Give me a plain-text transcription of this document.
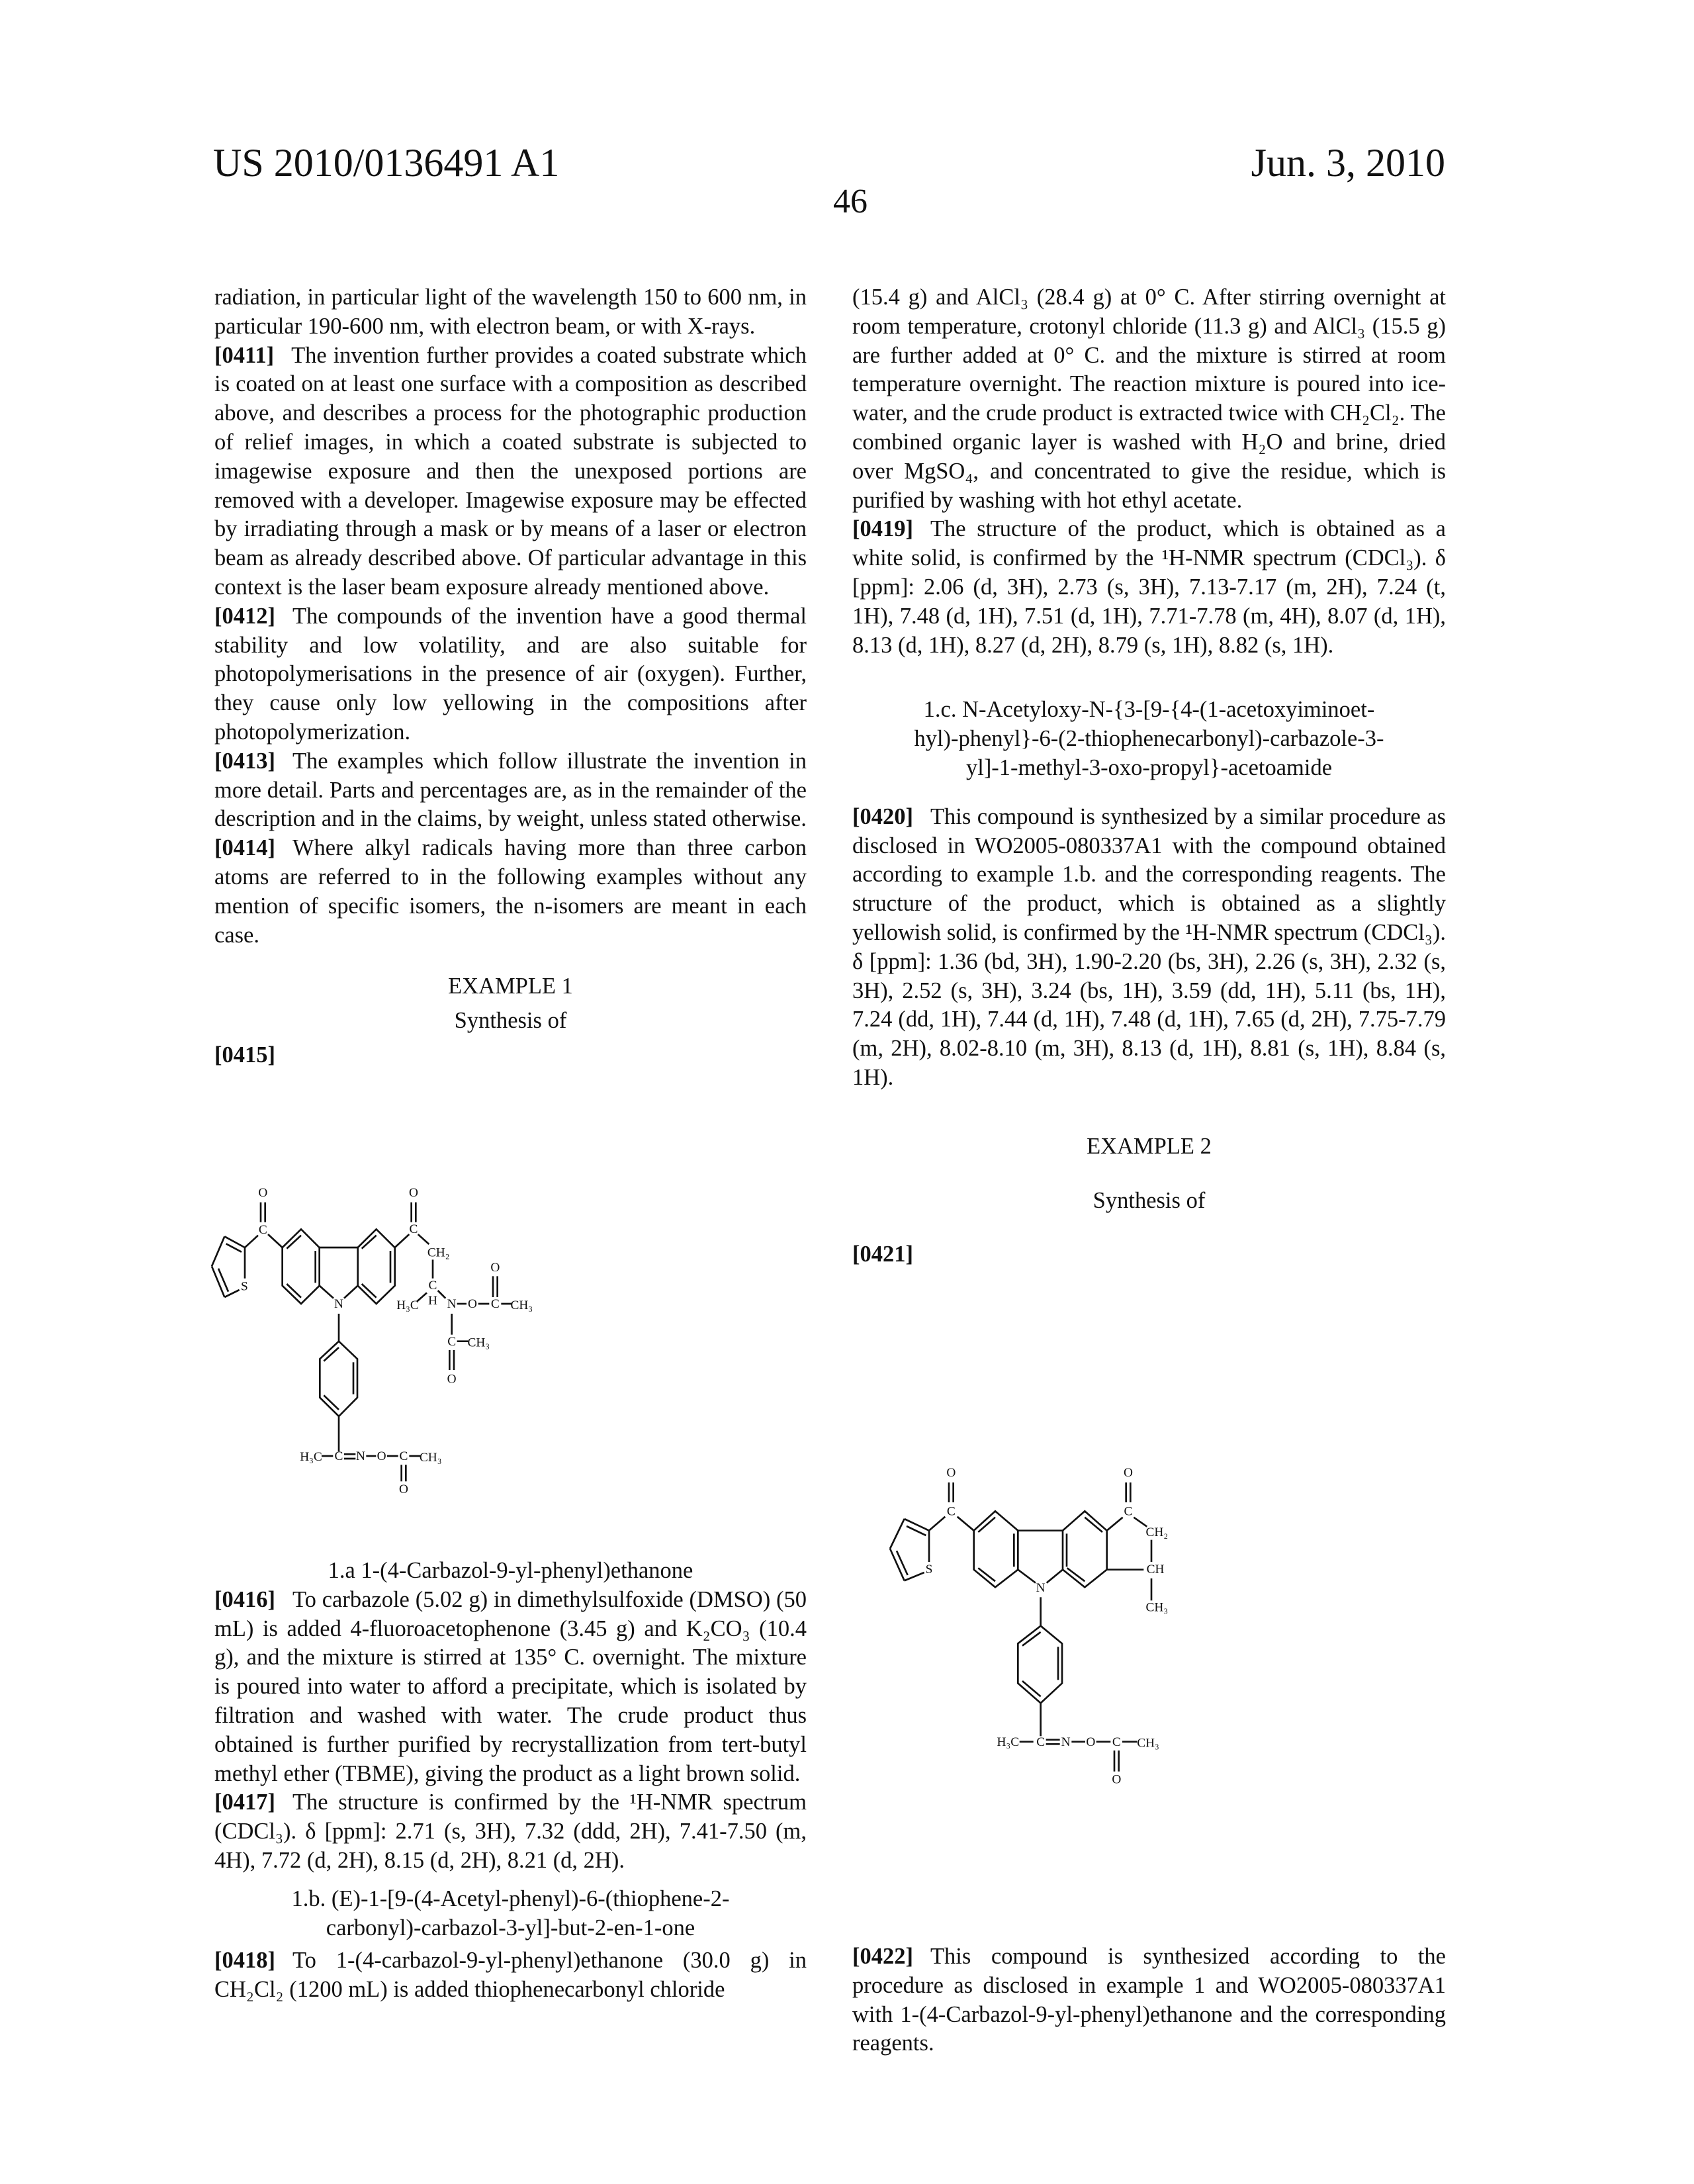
US 2010/0136491 A1
46
Jun. 3, 2010

radiation, in particular light of the wavelength 150 to 600 nm, in particular 190-600 nm, with electron beam, or with X-rays.

[0411] The invention further provides a coated substrate which is coated on at least one surface with a composition as described above, and describes a process for the photographic production of relief images, in which a coated substrate is subjected to imagewise exposure and then the unexposed portions are removed with a developer. Imagewise exposure may be effected by irradiating through a mask or by means of a laser or electron beam as already described above. Of particular advantage in this context is the laser beam exposure already mentioned above.

[0412] The compounds of the invention have a good thermal stability and low volatility, and are also suitable for photopolymerisations in the presence of air (oxygen). Further, they cause only low yellowing in the compositions after photopolymerization.

[0413] The examples which follow illustrate the invention in more detail. Parts and percentages are, as in the remainder of the description and in the claims, by weight, unless stated otherwise.

[0414] Where alkyl radicals having more than three carbon atoms are referred to in the following examples without any mention of specific isomers, the n-isomers are meant in each case.

EXAMPLE 1

Synthesis of

[0415]

O
C
S
N
O
C
CH₂
C
H
H₃C N O C CH₃
O
C CH₃
O
H₃C C N O C CH₃
O

1.a 1-(4-Carbazol-9-yl-phenyl)ethanone

[0416] To carbazole (5.02 g) in dimethylsulfoxide (DMSO) (50 mL) is added 4-fluoroacetophenone (3.45 g) and K₂CO₃ (10.4 g), and the mixture is stirred at 135° C. overnight. The mixture is poured into water to afford a precipitate, which is isolated by filtration and washed with water. The crude product thus obtained is further purified by recrystallization from tert-butyl methyl ether (TBME), giving the product as a light brown solid.

[0417] The structure is confirmed by the ¹H-NMR spectrum (CDCl₃). δ [ppm]: 2.71 (s, 3H), 7.32 (ddd, 2H), 7.41-7.50 (m, 4H), 7.72 (d, 2H), 8.15 (d, 2H), 8.21 (d, 2H).

1.b. (E)-1-[9-(4-Acetyl-phenyl)-6-(thiophene-2-carbonyl)-carbazol-3-yl]-but-2-en-1-one

[0418] To 1-(4-carbazol-9-yl-phenyl)ethanone (30.0 g) in CH₂Cl₂ (1200 mL) is added thiophenecarbonyl chloride

(15.4 g) and AlCl₃ (28.4 g) at 0° C. After stirring overnight at room temperature, crotonyl chloride (11.3 g) and AlCl₃ (15.5 g) are further added at 0° C. and the mixture is stirred at room temperature overnight. The reaction mixture is poured into ice-water, and the crude product is extracted twice with CH₂Cl₂. The combined organic layer is washed with H₂O and brine, dried over MgSO₄, and concentrated to give the residue, which is purified by washing with hot ethyl acetate.

[0419] The structure of the product, which is obtained as a white solid, is confirmed by the ¹H-NMR spectrum (CDCl₃). δ [ppm]: 2.06 (d, 3H), 2.73 (s, 3H), 7.13-7.17 (m, 2H), 7.24 (t, 1H), 7.48 (d, 1H), 7.51 (d, 1H), 7.71-7.78 (m, 4H), 8.07 (d, 1H), 8.13 (d, 1H), 8.27 (d, 2H), 8.79 (s, 1H), 8.82 (s, 1H).

1.c. N-Acetyloxy-N-{3-[9-{4-(1-acetoxyiminoet-
hyl)-phenyl}-6-(2-thiophenecarbonyl)-carbazole-3-
yl]-1-methyl-3-oxo-propyl}-acetoamide

[0420] This compound is synthesized by a similar procedure as disclosed in WO2005-080337A1 with the compound obtained according to example 1.b. and the corresponding reagents. The structure of the product, which is obtained as a slightly yellowish solid, is confirmed by the ¹H-NMR spectrum (CDCl₃). δ [ppm]: 1.36 (bd, 3H), 1.90-2.20 (bs, 3H), 2.26 (s, 3H), 2.32 (s, 3H), 2.52 (s, 3H), 3.24 (bs, 1H), 3.59 (dd, 1H), 5.11 (bs, 1H), 7.24 (dd, 1H), 7.44 (d, 1H), 7.48 (d, 1H), 7.65 (d, 2H), 7.75-7.79 (m, 2H), 8.02-8.10 (m, 3H), 8.13 (d, 1H), 8.81 (s, 1H), 8.84 (s, 1H).

EXAMPLE 2

Synthesis of

[0421]

O
C
S
N
O
C
CH₂
CH
CH₃
H₃C C N O C CH₃
O

[0422] This compound is synthesized according to the procedure as disclosed in example 1 and WO2005-080337A1 with 1-(4-Carbazol-9-yl-phenyl)ethanone and the corresponding reagents.
